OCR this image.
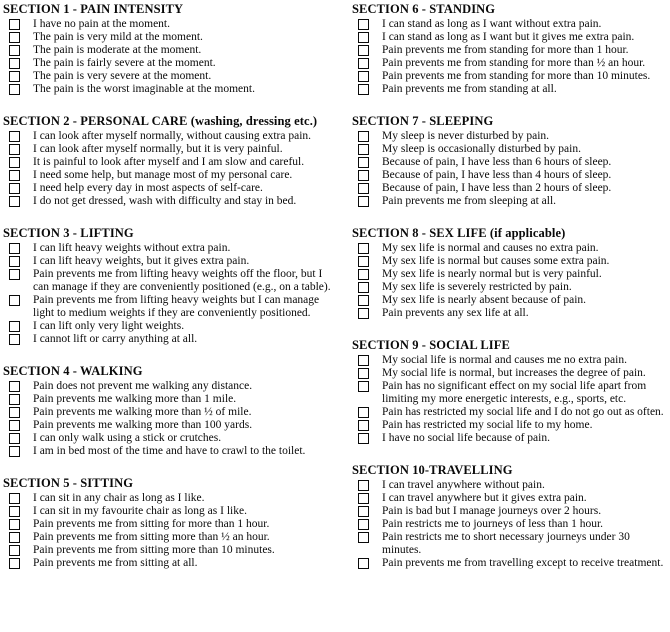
SECTION 1 - PAIN INTENSITY
I have no pain at the moment.
The pain is very mild at the moment.
The pain is moderate at the moment.
The pain is fairly severe at the moment.
The pain is very severe at the moment.
The pain is the worst imaginable at the moment.
SECTION 2 - PERSONAL CARE (washing, dressing etc.)
I can look after myself normally, without causing extra pain.
I can look after myself normally, but it is very painful.
It is painful to look after myself and I am slow and careful.
I need some help, but manage most of my personal care.
I need help every day in most aspects of self-care.
I do not get dressed, wash with difficulty and stay in bed.
SECTION 3 - LIFTING
I can lift heavy weights without extra pain.
I can lift heavy weights, but it gives extra pain.
Pain prevents me from lifting heavy weights off the floor, but I can manage if they are conveniently positioned (e.g., on a table).
Pain prevents me from lifting heavy weights but I can manage light to medium weights if they are conveniently positioned.
I can lift only very light weights.
I cannot lift or carry anything at all.
SECTION 4 - WALKING
Pain does not prevent me walking any distance.
Pain prevents me walking more than 1 mile.
Pain prevents me walking more than ½ of mile.
Pain prevents me walking more than 100 yards.
I can only walk using a stick or crutches.
I am in bed most of the time and have to crawl to the toilet.
SECTION 5 - SITTING
I can sit in any chair as long as I like.
I can sit in my favourite chair as long as I like.
Pain prevents me from sitting for more than 1 hour.
Pain prevents me from sitting more than ½ an hour.
Pain prevents me from sitting more than 10 minutes.
Pain prevents me from sitting at all.
SECTION 6 - STANDING
I can stand as long as I want without extra pain.
I can stand as long as I want but it gives me extra pain.
Pain prevents me from standing for more than 1 hour.
Pain prevents me from standing for more than ½ an hour.
Pain prevents me from standing for more than 10 minutes.
Pain prevents me from standing at all.
SECTION 7 - SLEEPING
My sleep is never disturbed by pain.
My sleep is occasionally disturbed by pain.
Because of pain, I have less than 6 hours of sleep.
Because of pain, I have less than 4 hours of sleep.
Because of pain, I have less than 2 hours of sleep.
Pain prevents me from sleeping at all.
SECTION 8 - SEX LIFE (if applicable)
My sex life is normal and causes no extra pain.
My sex life is normal but causes some extra pain.
My sex life is nearly normal but is very painful.
My sex life is severely restricted by pain.
My sex life is nearly absent because of pain.
Pain prevents any sex life at all.
SECTION 9 - SOCIAL LIFE
My social life is normal and causes me no extra pain.
My social life is normal, but increases the degree of pain.
Pain has no significant effect on my social life apart from limiting my more energetic interests, e.g., sports, etc.
Pain has restricted my social life and I do not go out as often.
Pain has restricted my social life to my home.
I have no social life because of pain.
SECTION 10-TRAVELLING
I can travel anywhere without pain.
I can travel anywhere but it gives extra pain.
Pain is bad but I manage journeys over 2 hours.
Pain restricts me to journeys of less than 1 hour.
Pain restricts me to short necessary journeys under 30 minutes.
Pain prevents me from travelling except to receive treatment.
